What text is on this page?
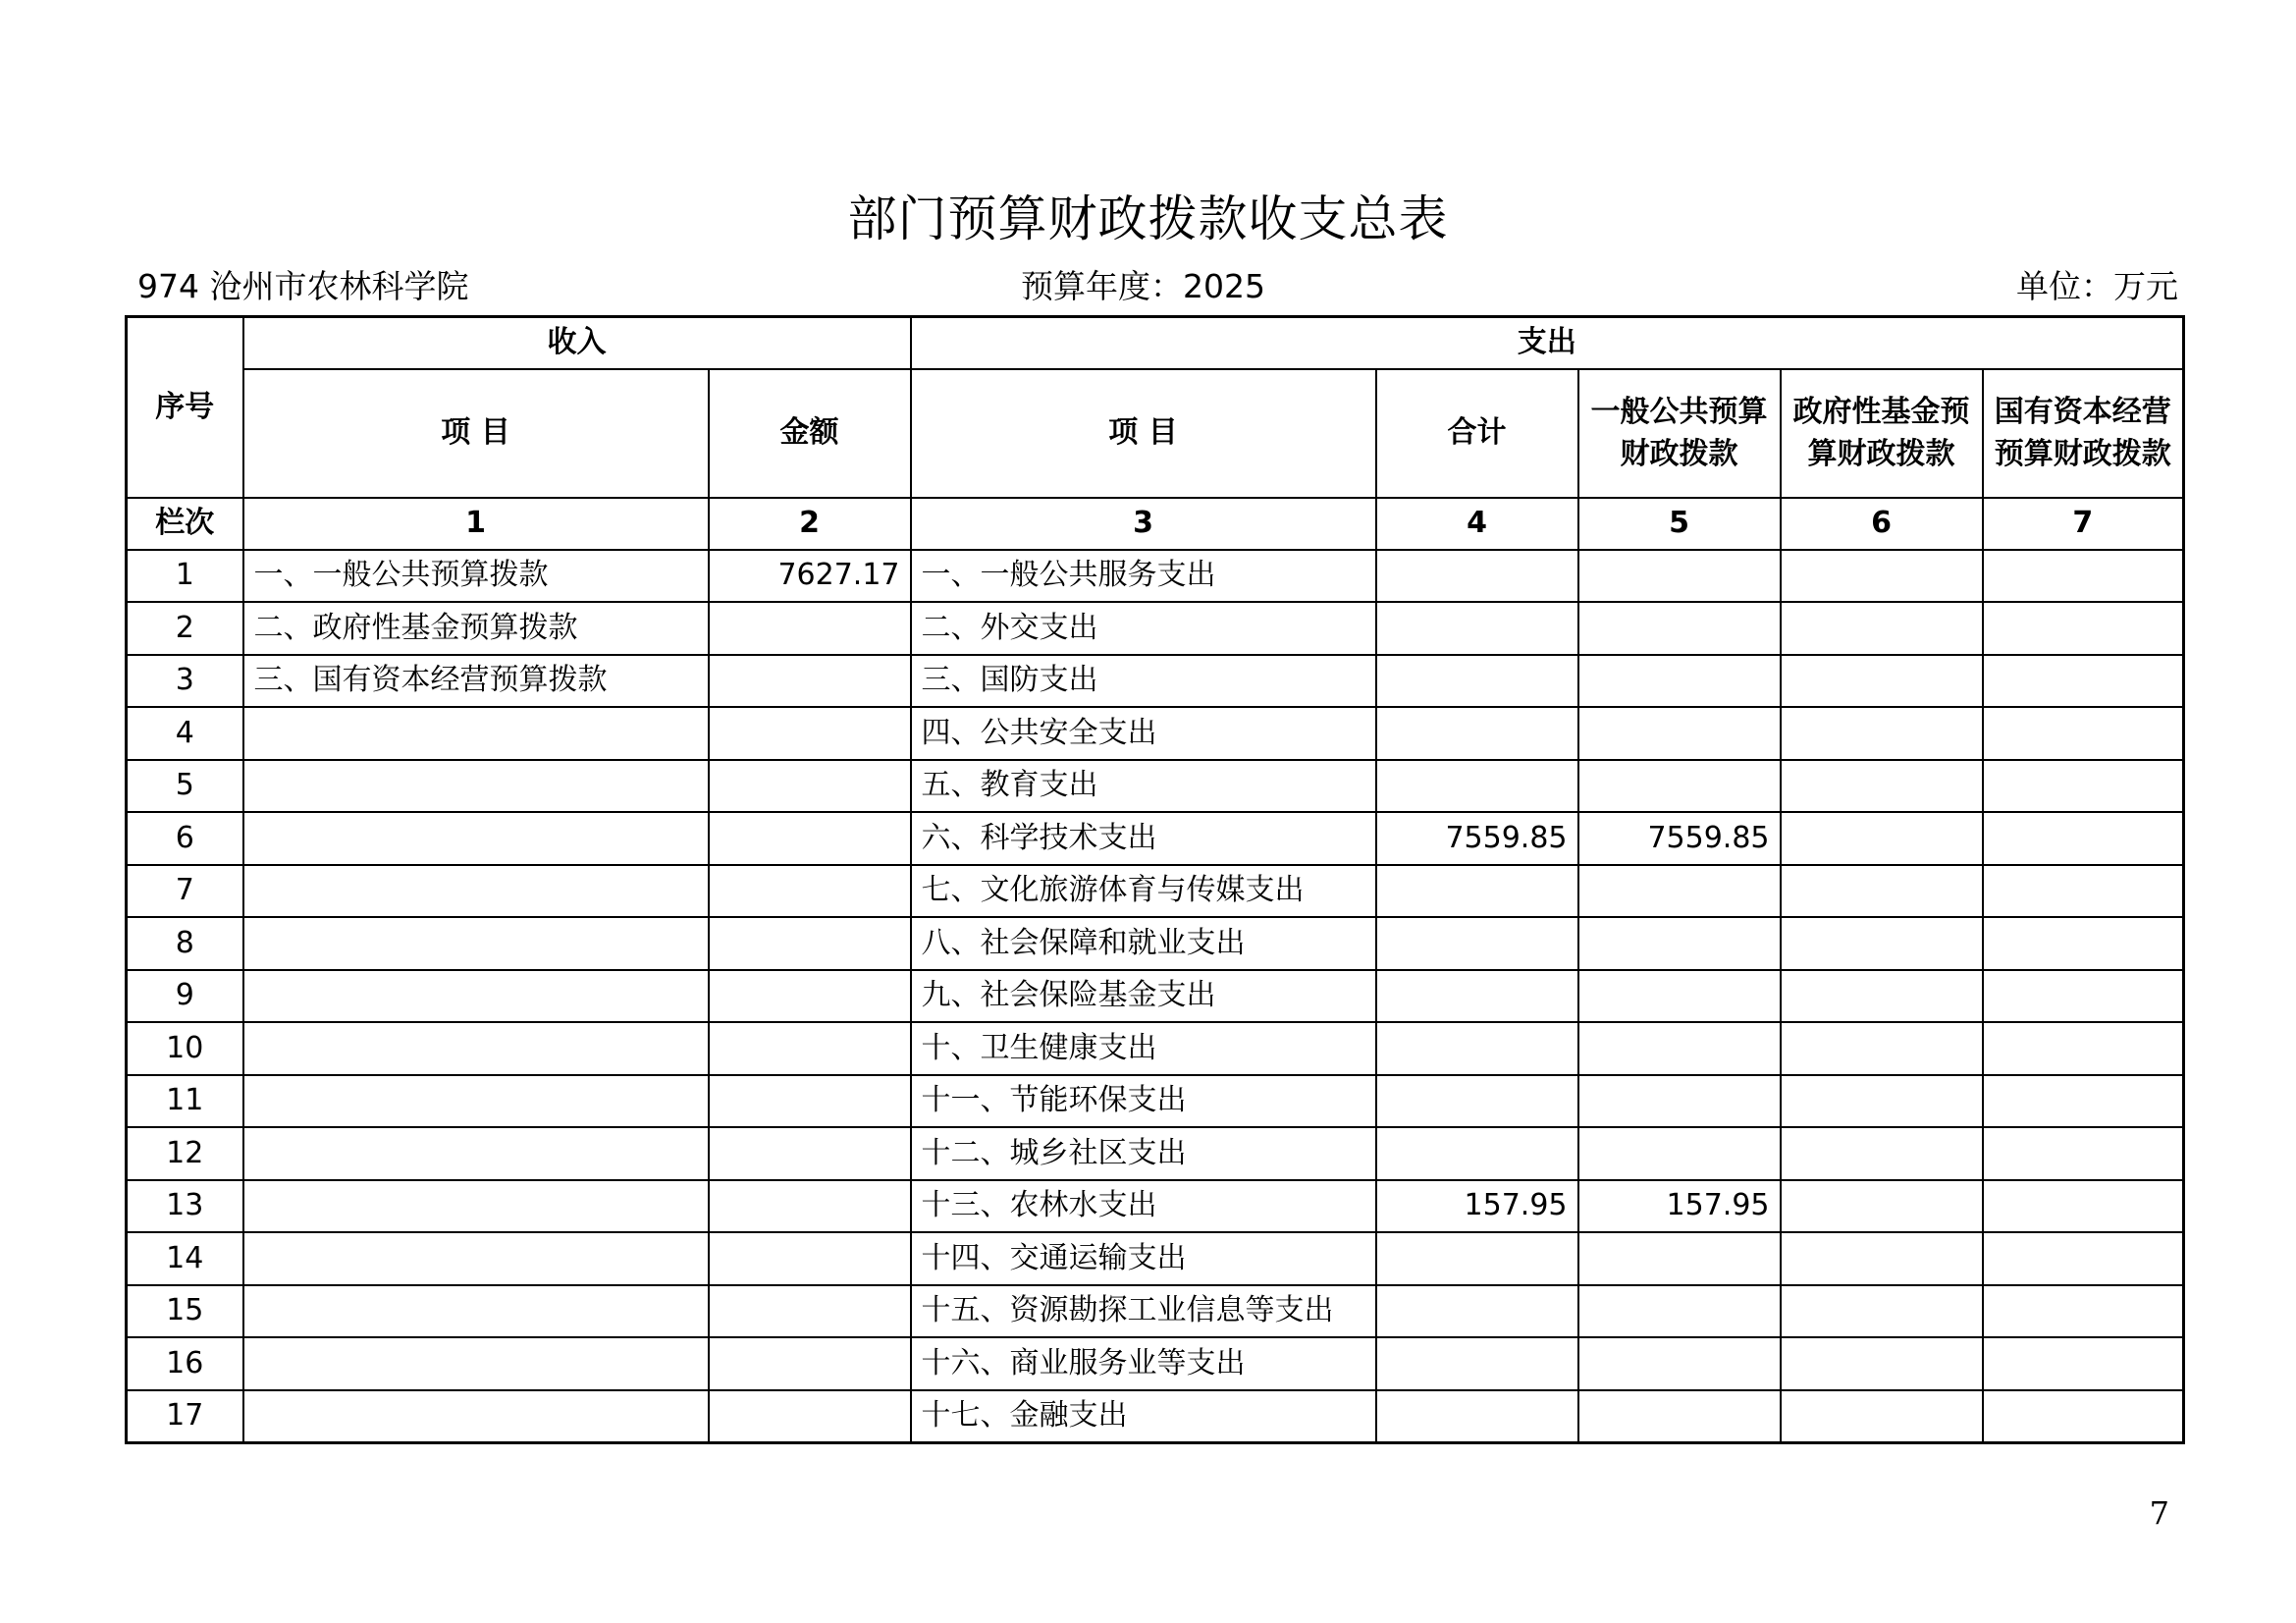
部门预算财政拨款收支总表
974 沧州市农林科学院	预算年度：2025	单位：万元
序号	收入		支出				
	项 目	金额	项 目	合计	一般公共预算财政拨款	政府性基金预算财政拨款	国有资本经营预算财政拨款
栏次	1	2	3	4	5	6	7
1	一、一般公共预算拨款	7627.17	一、一般公共服务支出				
2	二、政府性基金预算拨款		二、外交支出				
3	三、国有资本经营预算拨款		三、国防支出				
4			四、公共安全支出				
5			五、教育支出				
6			六、科学技术支出	7559.85	7559.85		
7			七、文化旅游体育与传媒支出				
8			八、社会保障和就业支出				
9			九、社会保险基金支出				
10			十、卫生健康支出				
11			十一、节能环保支出				
12			十二、城乡社区支出				
13			十三、农林水支出	157.95	157.95		
14			十四、交通运输支出				
15			十五、资源勘探工业信息等支出				
16			十六、商业服务业等支出				
17			十七、金融支出				
7
